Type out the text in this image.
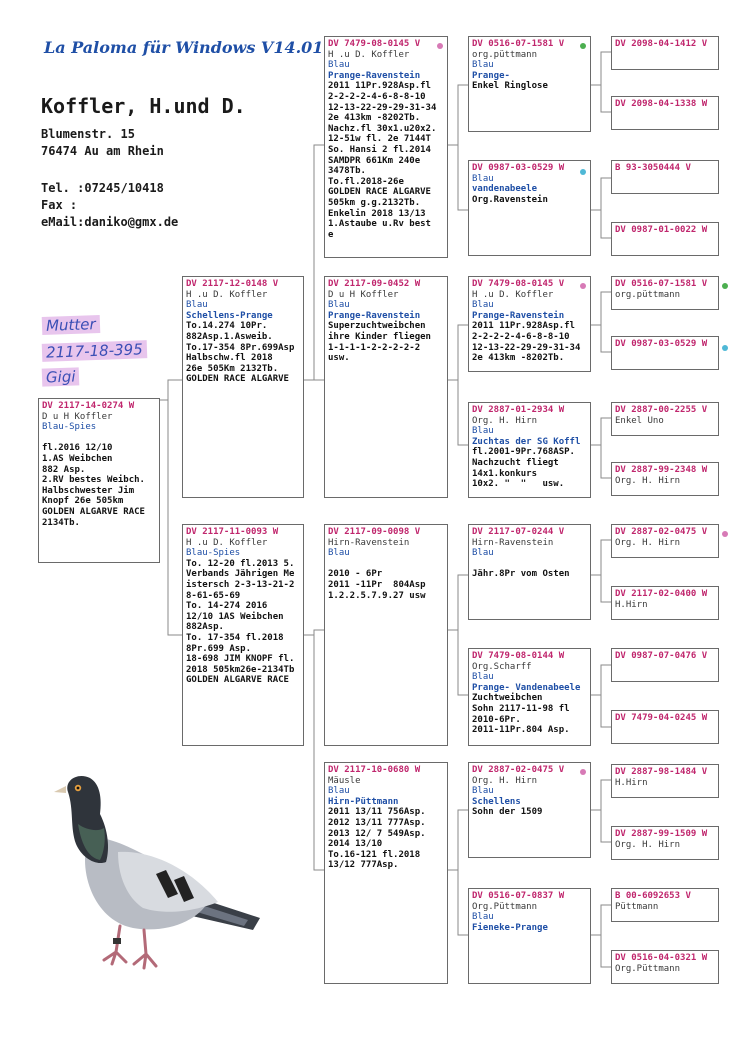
La Paloma für Windows V14.01
Koffler, H.und D.
Blumenstr. 15
76474 Au am Rhein
Tel. :07245/10418
Fax :
eMail:daniko@gmx.de
Mutter
2117-18-395
Gigi
DV 2117-14-0274 W
D u H Koffler
Blau-Spies
fl.2016 12/10
1.AS Weibchen
882 Asp.
2.RV bestes Weibch.
Halbschwester Jim
Knopf 26e 505km
GOLDEN ALGARVE RACE
2134Tb.
DV 2117-12-0148 V
H .u D. Koffler
Blau
Schellens-Prange
To.14.274 10Pr.
882Asp.1.Asweib.
To.17-354 8Pr.699Asp
Halbschw.fl 2018
26e 505Km 2132Tb.
GOLDEN RACE ALGARVE
DV 2117-11-0093 W
H .u D. Koffler
Blau-Spies
To. 12-20 fl.2013 5.
Verbands Jährigen Me
istersch 2-3-13-21-2
8-61-65-69
To. 14-274 2016
12/10 1AS Weibchen
882Asp.
To. 17-354 fl.2018
8Pr.699 Asp.
18-698 JIM KNOPF fl.
2018 505km26e-2134Tb
GOLDEN ALGARVE RACE
DV 7479-08-0145 V
H .u D. Koffler
Blau
Prange-Ravenstein
2011 11Pr.928Asp.fl
2-2-2-2-4-6-8-8-10
12-13-22-29-29-31-34
2e 413km -8202Tb.
Nachz.fl 30x1.u20x2.
12-51w fl. 2e 7144T
So. Hansi 2 fl.2014
SAMDPR 661Km 240e
3478Tb.
To.fl.2018-26e
GOLDEN RACE ALGARVE
505km g.g.2132Tb.
Enkelin 2018 13/13
1.Astaube u.Rv best
e
DV 2117-09-0452 W
D u H Koffler
Blau
Prange-Ravenstein
Superzuchtweibchen
ihre Kinder fliegen
1-1-1-1-2-2-2-2-2
usw.
DV 2117-09-0098 V
Hirn-Ravenstein
Blau
2010 - 6Pr
2011 -11Pr  804Asp
1.2.2.5.7.9.27 usw
DV 2117-10-0680 W
Mäusle
Blau
Hirn-Püttmann
2011 13/11 756Asp.
2012 13/11 777Asp.
2013 12/ 7 549Asp.
2014 13/10
To.16-121 fl.2018
13/12 777Asp.
DV 0516-07-1581 V
org.püttmann
Blau
Prange-
Enkel Ringlose
DV 0987-03-0529 W
Blau
vandenabeele
Org.Ravenstein
DV 7479-08-0145 V
H .u D. Koffler
Blau
Prange-Ravenstein
2011 11Pr.928Asp.fl
2-2-2-2-4-6-8-8-10
12-13-22-29-29-31-34
2e 413km -8202Tb.
DV 2887-01-2934 W
Org. H. Hirn
Blau
Zuchtas der SG Koffl
fl.2001-9Pr.768ASP.
Nachzucht fliegt
14x1.konkurs
10x2. "  "   usw.
DV 2117-07-0244 V
Hirn-Ravenstein
Blau
Jähr.8Pr vom Osten
DV 7479-08-0144 W
Org.Scharff
Blau
Prange- Vandenabeele
Zuchtweibchen
Sohn 2117-11-98 fl
2010-6Pr.
2011-11Pr.804 Asp.
DV 2887-02-0475 V
Org. H. Hirn
Blau
Schellens
Sohn der 1509
DV 0516-07-0837 W
Org.Püttmann
Blau
Fieneke-Prange
DV 2098-04-1412 V
DV 2098-04-1338 W
B 93-3050444 V
DV 0987-01-0022 W
DV 0516-07-1581 V
org.püttmann
DV 0987-03-0529 W
DV 2887-00-2255 V
Enkel Uno
DV 2887-99-2348 W
Org. H. Hirn
DV 2887-02-0475 V
Org. H. Hirn
DV 2117-02-0400 W
H.Hirn
DV 0987-07-0476 V
DV 7479-04-0245 W
DV 2887-98-1484 V
H.Hirn
DV 2887-99-1509 W
Org. H. Hirn
B 00-6092653 V
Püttmann
DV 0516-04-0321 W
Org.Püttmann
